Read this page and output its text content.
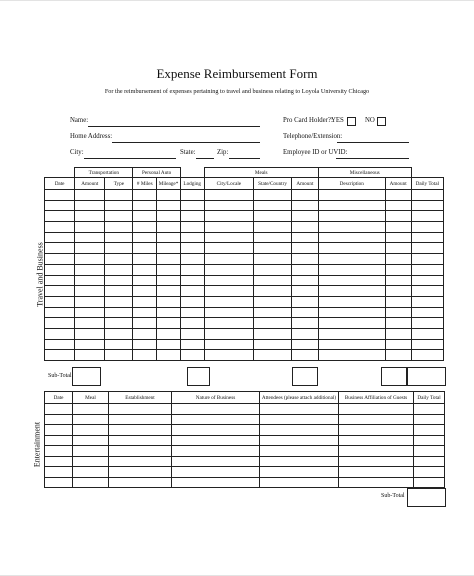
Expense Reimbursement Form
For the reimbursement of expenses pertaining to travel and business relating to Loyola University Chicago
Name:
Home Address:
City:	State:	Zip:
Pro Card Holder?:
YES	NO
Telephone/Extension:
Employee ID or UVID:
	Transportation		Personal Auto			Meals			Miscellaneous		
Date	Amount	Type	# Miles	Mileage*	Lodging	City/Locale	State/Country	Amount	Description	Amount	Daily Total

Travel and Business
Sub-Total
Date	Meal	Establishment	Nature of Business	Attendees (please attach additional)	Business Affiliation of Guests	Daily Total

Entertainment
Sub-Total
